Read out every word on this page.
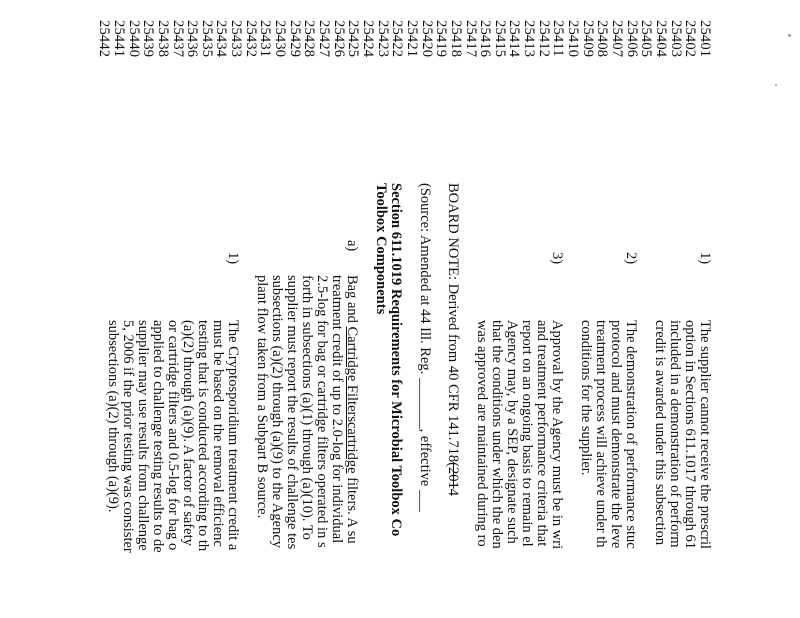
25401
25402
25403
25404
25405
25406
25407
25408
25409
25410
25411
25412
25413
25414
25415
25416
25417
25418
25419
25420
25421
25422
25423
25424
25425
25426
25427
25428
25429
25430
25431
25432
25433
25434
25435
25436
25437
25438
25439
25440
25441
25442
1)
The supplier cannot receive the prescril
option in Sections 611.1017 through 61
included in a demonstration of perform
credit is awarded under this subsection
2)
The demonstration of performance stuc
protocol and must demonstrate the leve
treatment process will achieve under th
conditions for the supplier.
3)
Approval by the Agency must be in wri
and treatment performance criteria that
report on an ongoing basis to remain el
Agency may, by a SEP, designate such
that the conditions under which the den
was approved are maintained during ro
BOARD NOTE: Derived from 40 CFR 141.718(2014
(Source: Amended at 44 Ill. Reg. _______, effective ___
Section 611.1019 Requirements for Microbial Toolbox Co
Toolbox Components
a)
Bag and Cartridge Filterscartridge filters. A su
treatment credit of up to 2.0-log for individual
2.5-log for bag or cartridge filters operated in s
forth in subsections (a)(1) through (a)(10). To
supplier must report the results of challenge tes
subsections (a)(2) through (a)(9) to the Agency
plant flow taken from a Subpart B source.
1)
The Cryptosporidium treatment credit a
must be based on the removal efficienc
testing that is conducted according to th
(a)(2) through (a)(9). A factor of safety
or cartridge filters and 0.5-log for bag o
applied to challenge testing results to de
supplier may use results from challenge
5, 2006 if the prior testing was consister
subsections (a)(2) through (a)(9).
